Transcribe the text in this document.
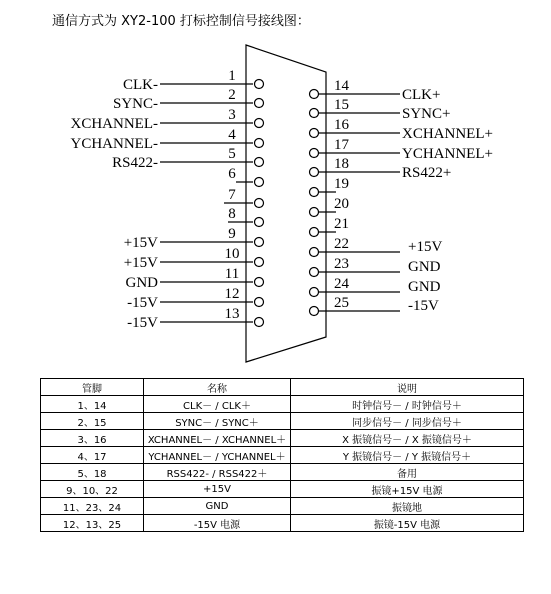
通信方式为 XY2-100 打标控制信号接线图：
1
CLK-
2
SYNC-
3
XCHANNEL-
4
YCHANNEL-
5
RS422-
6
7
8
9
+15V
10
+15V
11
GND
12
-15V
13
-15V
14
CLK+
15
SYNC+
16
XCHANNEL+
17
YCHANNEL+
18
RS422+
19
20
21
22	+15V
23	GND
24	GND
25	-15V
管脚	名称	说明
1、14	CLK－ / CLK＋	时钟信号－ / 时钟信号＋
2、15	SYNC－ / SYNC＋	同步信号－ / 同步信号＋
3、16	XCHANNEL－ / XCHANNEL＋	X 振镜信号－ / X 振镜信号＋
4、17	YCHANNEL－ / YCHANNEL＋	Y 振镜信号－ / Y 振镜信号＋
5、18	RSS422- / RSS422＋	备用
9、10、22	+15V	振镜+15V 电源
11、23、24	GND	振镜地
12、13、25	-15V 电源	振镜-15V 电源
